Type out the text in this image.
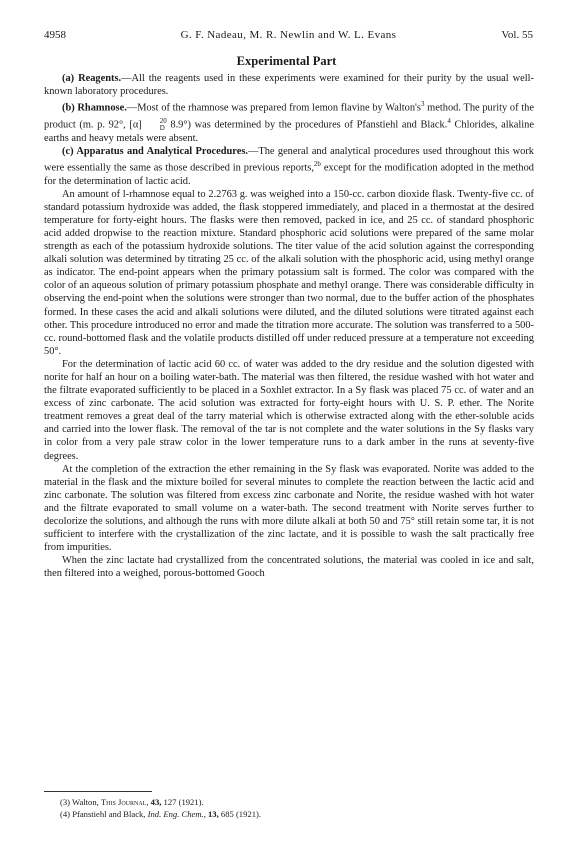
4958	G. F. Nadeau, M. R. Newlin and W. L. Evans	Vol. 55
Experimental Part

(a) Reagents.—All the reagents used in these experiments were examined for their purity by the usual well-known laboratory procedures.

(b) Rhamnose.—Most of the rhamnose was prepared from lemon flavine by $Walton's^3$ method. The purity of the product (m. p. 92°, [α]	20
D 8.9°) was determined by the procedures of Pfanstiehl and Black.$^4$ Chlorides, alkaline earths and heavy metals were absent.

(c) Apparatus and Analytical Procedures.—The general and analytical procedures used throughout this work were essentially the same as those described in previous reports,$^{2b}$ except for the modification adopted in the method for the determination of lactic acid.

An amount of l-rhamnose equal to 2.2763 g. was weighed into a 150-cc. carbon dioxide flask. Twenty-five cc. of standard potassium hydroxide was added, the flask stoppered immediately, and placed in a thermostat at the desired temperature for forty-eight hours. The flasks were then removed, packed in ice, and 25 cc. of standard phosphoric acid added dropwise to the reaction mixture. Standard phosphoric acid solutions were prepared of the same molar strength as each of the potassium hydroxide solutions. The titer value of the acid solution against the corresponding alkali solution was determined by titrating 25 cc. of the alkali solution with the phosphoric acid, using methyl orange as indicator. The end-point appears when the primary potassium salt is formed. The color was compared with the color of an aqueous solution of primary potassium phosphate and methyl orange. There was considerable difficulty in observing the end-point when the solutions were stronger than two normal, due to the buffer action of the phosphates formed. In these cases the acid and alkali solutions were diluted, and the diluted solutions were titrated against each other. This procedure introduced no error and made the titration more accurate. The solution was transferred to a 500-cc. round-bottomed flask and the volatile products distilled off under reduced pressure at a temperature not exceeding 50°.

For the determination of lactic acid 60 cc. of water was added to the dry residue and the solution digested with norite for half an hour on a boiling water-bath. The material was then filtered, the residue washed with hot water and the filtrate evaporated sufficiently to be placed in a Soxhlet extractor. In a Sy flask was placed 75 cc. of water and an excess of zinc carbonate. The acid solution was extracted for forty-eight hours with U. S. P. ether. The Norite treatment removes a great deal of the tarry material which is otherwise extracted along with the ether-soluble acids and carried into the lower flask. The removal of the tar is not complete and the water solutions in the Sy flasks vary in color from a very pale straw color in the lower temperature runs to a dark amber in the runs at seventy-five degrees.

At the completion of the extraction the ether remaining in the Sy flask was evaporated. Norite was added to the material in the flask and the mixture boiled for several minutes to complete the reaction between the lactic acid and zinc carbonate. The solution was filtered from excess zinc carbonate and Norite, the residue washed with hot water and the filtrate evaporated to small volume on a water-bath. The second treatment with Norite serves further to decolorize the solutions, and although the runs with more dilute alkali at both 50 and 75° still retain some tar, it is not sufficient to interfere with the crystallization of the zinc lactate, and it is possible to wash the salt practically free from impurities.

When the zinc lactate had crystallized from the concentrated solutions, the material was cooled in ice and salt, then filtered into a weighed, porous-bottomed Gooch

(3) Walton, This Journal, 43, 127 (1921).

(4) Pfanstiehl and Black, Ind. Eng. Chem., 13, 685 (1921).
